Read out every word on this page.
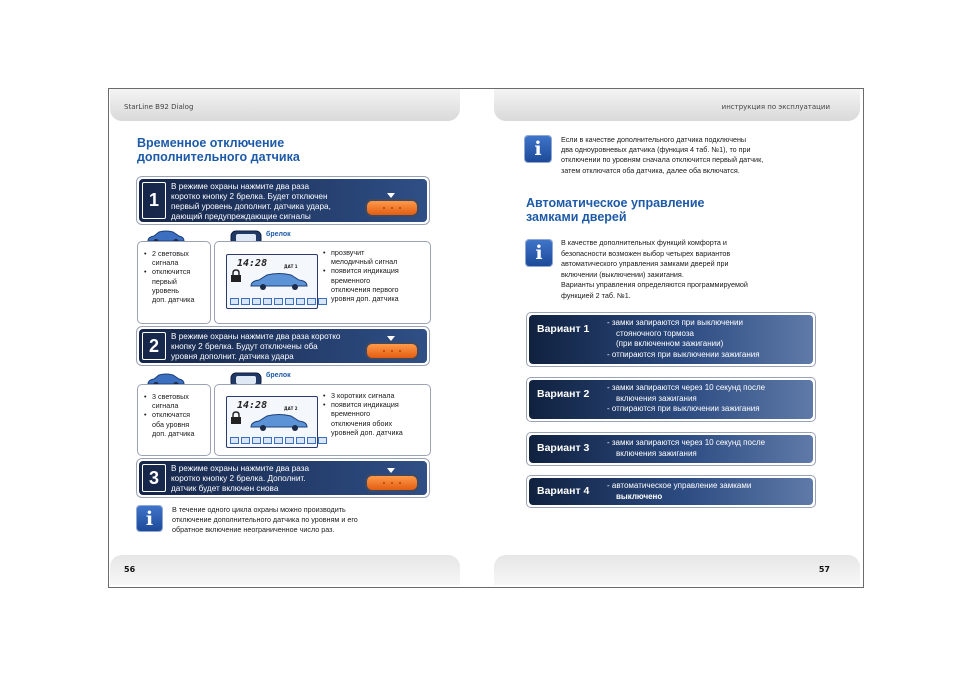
StarLine B92 Dialog	инструкция по эксплуатации
Временное отключение
дополнительного датчика
1
В режиме охраны нажмите два раза
коротко кнопку 2 брелка. Будет отключен
первый уровень дополнит. датчика удара,
дающий предупреждающие сигналы
брелок
• 2 световых
сигнала
• отключится
первый
уровень
доп. датчика
14:28	ДАТ 1
• прозвучит
мелодичный сигнал
• появится индикация
временного
отключения первого
уровня доп. датчика
2	В режиме охраны нажмите два раза коротко
кнопку 2 брелка. Будут отключены оба
уровня дополнит. датчика удара
брелок
• 3 световых
сигнала
• отключатся
оба уровня
доп. датчика
14:28	ДАТ 2
• 3 коротких сигнала
• появится индикация
временного
отключения обоих
уровней доп. датчика
3	В режиме охраны нажмите два раза
коротко кнопку 2 брелка. Дополнит.
датчик будет включен снова
i	В течение одного цикла охраны можно производить
отключение дополнительного датчика по уровням и его
обратное включение неограниченное число раз.
i	Если в качестве дополнительного датчика подключены
два одноуровневых датчика (функция 4 таб. №1), то при
отключении по уровням сначала отключится первый датчик,
затем отключатся оба датчика, далее оба включатся.
Автоматическое управление
замками дверей
i	В качестве дополнительных функций комфорта и
безопасности возможен выбор четырех вариантов
автоматического управления замками дверей при
включении (выключении) зажигания.
Варианты управления определяются программируемой
функцией 2 таб. №1.
Вариант 1
- замки запираются при выключении
стояночного тормоза
(при включенном зажигании)
- отпираются при выключении зажигания
Вариант 2
- замки запираются через 10 секунд после
включения зажигания
- отпираются при выключении зажигания
Вариант 3 - замки запираются через 10 секунд после
включения зажигания
Вариант 4 - автоматическое управление замками
выключено
56	57
